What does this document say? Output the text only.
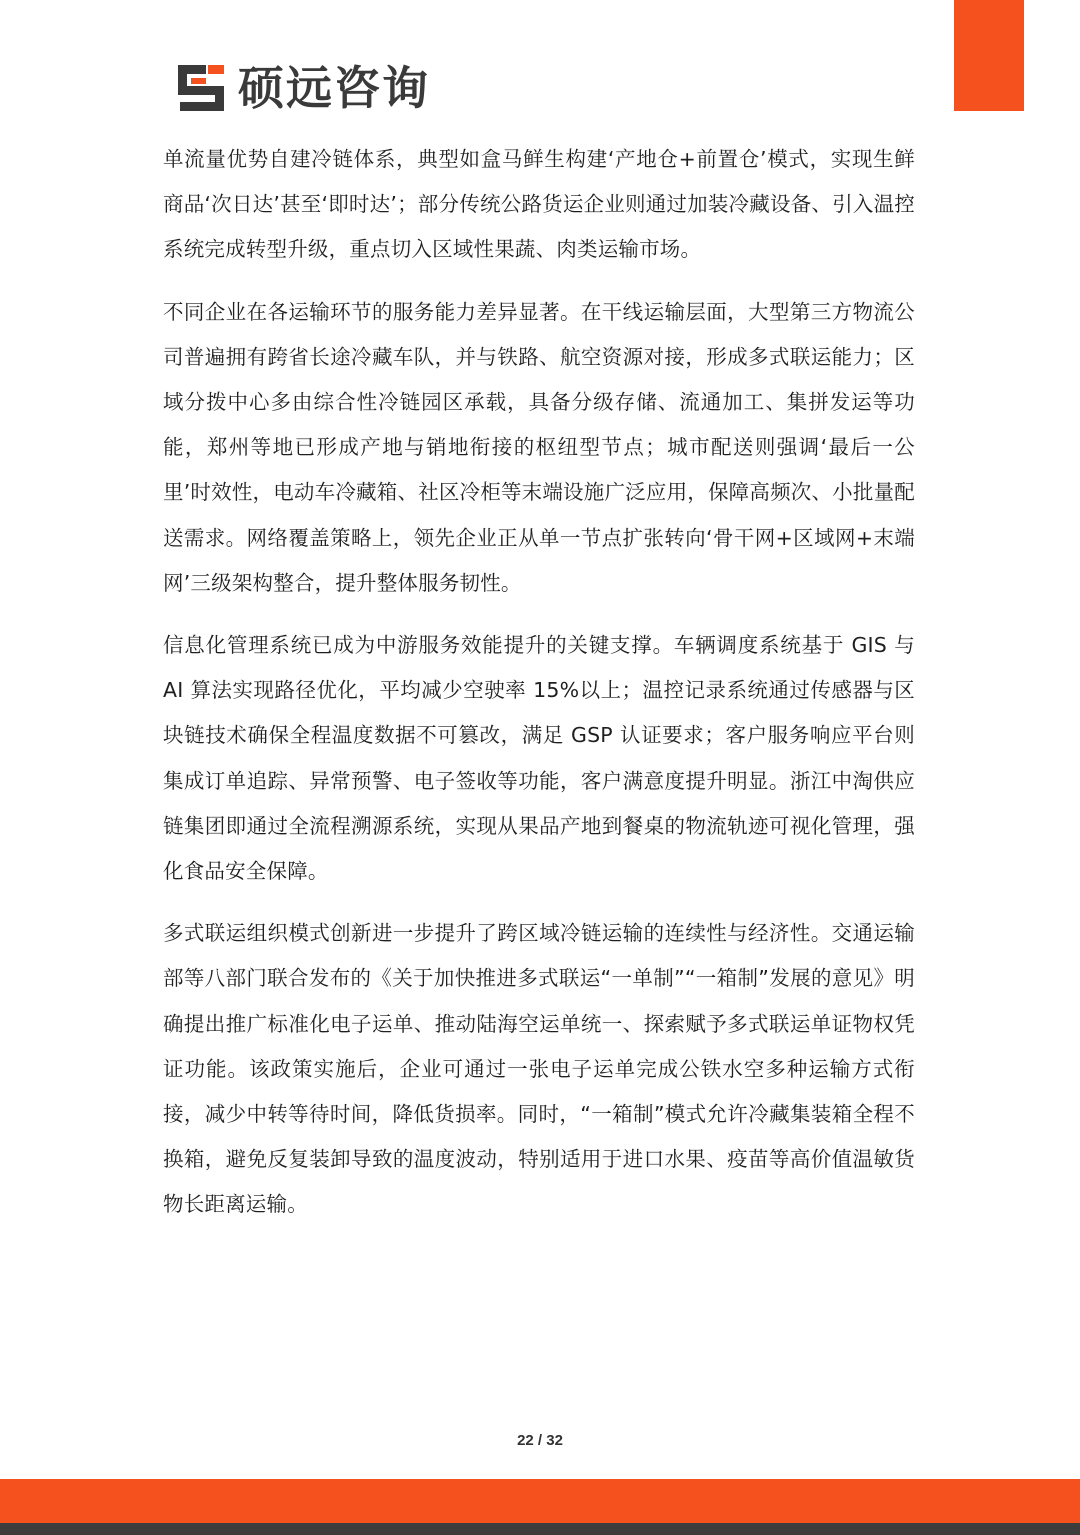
硕远咨询

单流量优势自建冷链体系，典型如盒马鲜生构建‘产地仓+前置仓’模式，实现生鲜商品‘次日达’甚至‘即时达’；部分传统公路货运企业则通过加装冷藏设备、引入温控系统完成转型升级，重点切入区域性果蔬、肉类运输市场。

不同企业在各运输环节的服务能力差异显著。在干线运输层面，大型第三方物流公司普遍拥有跨省长途冷藏车队，并与铁路、航空资源对接，形成多式联运能力；区域分拨中心多由综合性冷链园区承载，具备分级存储、流通加工、集拼发运等功能，郑州等地已形成产地与销地衔接的枢纽型节点；城市配送则强调‘最后一公里’时效性，电动车冷藏箱、社区冷柜等末端设施广泛应用，保障高频次、小批量配送需求。网络覆盖策略上，领先企业正从单一节点扩张转向‘骨干网+区域网+末端网’三级架构整合，提升整体服务韧性。

信息化管理系统已成为中游服务效能提升的关键支撑。车辆调度系统基于 GIS 与 AI 算法实现路径优化，平均减少空驶率 15%以上；温控记录系统通过传感器与区块链技术确保全程温度数据不可篡改，满足 GSP 认证要求；客户服务响应平台则集成订单追踪、异常预警、电子签收等功能，客户满意度提升明显。浙江中淘供应链集团即通过全流程溯源系统，实现从果品产地到餐桌的物流轨迹可视化管理，强化食品安全保障。

多式联运组织模式创新进一步提升了跨区域冷链运输的连续性与经济性。交通运输部等八部门联合发布的《关于加快推进多式联运“一单制”“一箱制”发展的意见》明确提出推广标准化电子运单、推动陆海空运单统一、探索赋予多式联运单证物权凭证功能。该政策实施后，企业可通过一张电子运单完成公铁水空多种运输方式衔接，减少中转等待时间，降低货损率。同时，“一箱制”模式允许冷藏集装箱全程不换箱，避免反复装卸导致的温度波动，特别适用于进口水果、疫苗等高价值温敏货物长距离运输。

22 / 32
